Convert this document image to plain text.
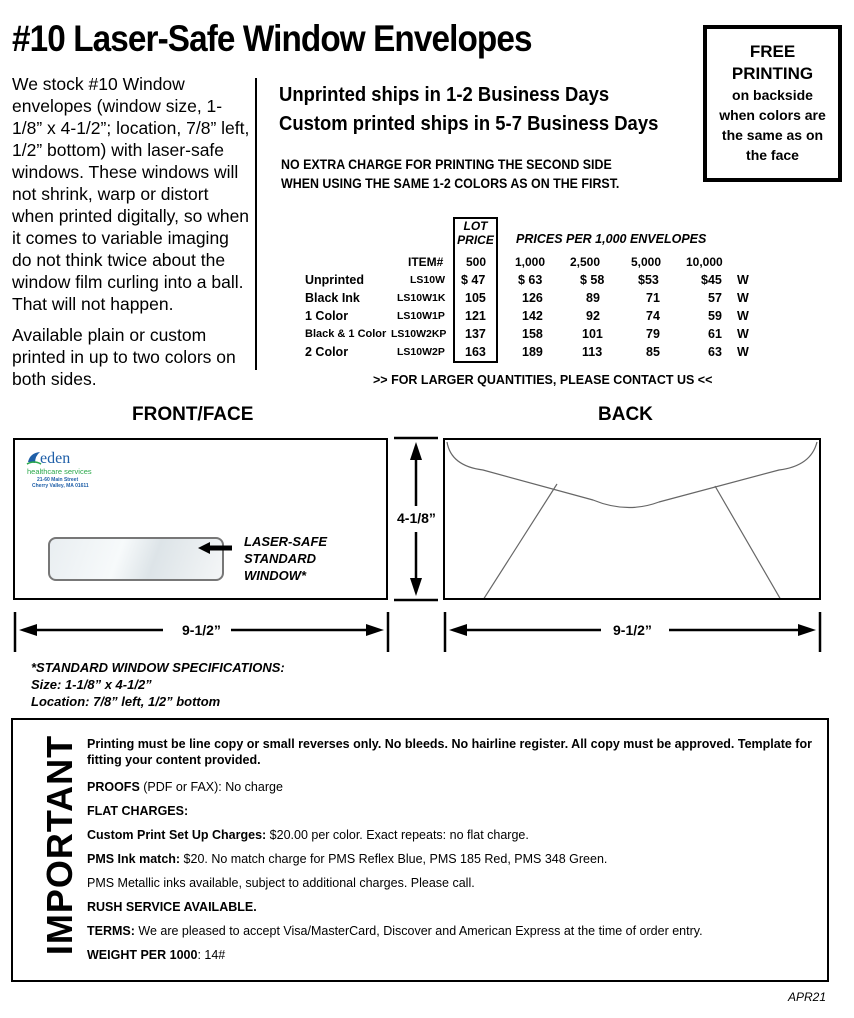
#10 Laser-Safe Window Envelopes	FREE
PRINTING
on backside
when colors are
the same as on
the face

We stock #10 Window envelopes (window size, 1-1/8” x 4-1/2”; location, 7/8” left, 1/2” bottom) with laser-safe windows. These windows will not shrink, warp or distort when printed digitally, so when it comes to variable imaging do not think twice about the window film curling into a ball. That will not happen.

Available plain or custom printed in up to two colors on both sides.

Unprinted ships in 1-2 Business Days
Custom printed ships in 5-7 Business Days
NO EXTRA CHARGE FOR PRINTING THE SECOND SIDE
WHEN USING THE SAME 1-2 COLORS AS ON THE FIRST.
LOT
PRICE	PRICES PER 1,000 ENVELOPES
ITEM# 500 1,000 2,500	5,000 10,000
Unprinted	LS10W $ 47	$ 63	$ 58	$53	$45 W
Black Ink	LS10W1K 105	126	89	71	57 W
1 Color	LS10W1P 121	142	92	74	59 W
Black & 1 Color LS10W2KP 137	158	101	79	61 W
2 Color	LS10W2P 163	189	113	85	63 W
>> FOR LARGER QUANTITIES, PLEASE CONTACT US <<
FRONT/FACE	BACK
eden
healthcare services
21-60 Main Street
Cherry Valley, MA 01611
LASER-SAFE
STANDARD
WINDOW*
4-1/8”
9-1/2”	9-1/2”
*STANDARD WINDOW SPECIFICATIONS:
Size: 1-1/8” x 4-1/2”
Location: 7/8” left, 1/2” bottom
IMPORTANT Printing must be line copy or small reverses only. No bleeds. No hairline register. All copy must be approved. Template for fitting your content provided.
PROOFS (PDF or FAX): No charge
FLAT CHARGES:
Custom Print Set Up Charges: $20.00 per color. Exact repeats: no flat charge.
PMS Ink match: $20. No match charge for PMS Reflex Blue, PMS 185 Red, PMS 348 Green.
PMS Metallic inks available, subject to additional charges. Please call.
RUSH SERVICE AVAILABLE.
TERMS: We are pleased to accept Visa/MasterCard, Discover and American Express at the time of order entry.
WEIGHT PER 1000: 14#
APR21
